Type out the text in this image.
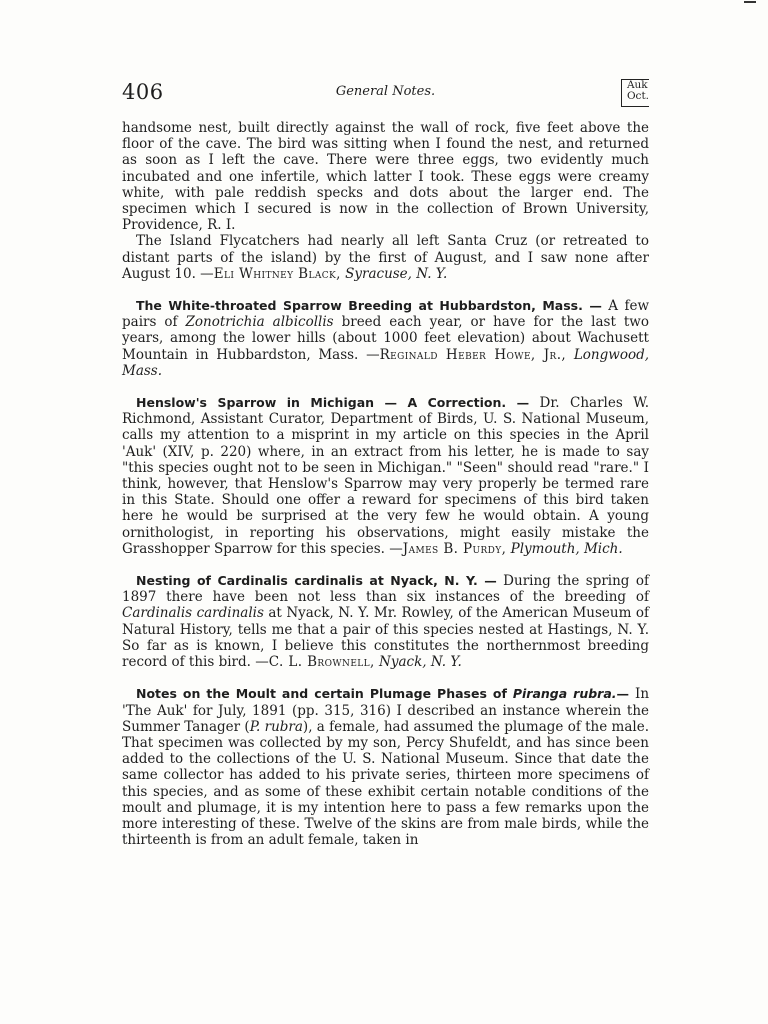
406	General Notes.	Auk
Oct.

handsome nest, built directly against the wall of rock, five feet above the floor of the cave. The bird was sitting when I found the nest, and returned as soon as I left the cave. There were three eggs, two evidently much incubated and one infertile, which latter I took. These eggs were creamy white, with pale reddish specks and dots about the larger end. The specimen which I secured is now in the collection of Brown University, Providence, R. I.

The Island Flycatchers had nearly all left Santa Cruz (or retreated to distant parts of the island) by the first of August, and I saw none after August 10. —Eli Whitney Black, Syracuse, N. Y.

The White-throated Sparrow Breeding at Hubbardston, Mass. — A few pairs of Zonotrichia albicollis breed each year, or have for the last two years, among the lower hills (about 1000 feet elevation) about Wachusett Mountain in Hubbardston, Mass. —Reginald Heber Howe, Jr., Longwood, Mass.

Henslow's Sparrow in Michigan — A Correction. — Dr. Charles W. Richmond, Assistant Curator, Department of Birds, U. S. National Museum, calls my attention to a misprint in my article on this species in the April 'Auk' (XIV, p. 220) where, in an extract from his letter, he is made to say "this species ought not to be seen in Michigan." "Seen" should read "rare." I think, however, that Henslow's Sparrow may very properly be termed rare in this State. Should one offer a reward for specimens of this bird taken here he would be surprised at the very few he would obtain. A young ornithologist, in reporting his observations, might easily mistake the Grasshopper Sparrow for this species. —James B. Purdy, Plymouth, Mich.

Nesting of Cardinalis cardinalis at Nyack, N. Y. — During the spring of 1897 there have been not less than six instances of the breeding of Cardinalis cardinalis at Nyack, N. Y. Mr. Rowley, of the American Museum of Natural History, tells me that a pair of this species nested at Hastings, N. Y. So far as is known, I believe this constitutes the northernmost breeding record of this bird. —C. L. Brownell, Nyack, N. Y.

Notes on the Moult and certain Plumage Phases of Piranga rubra.— In 'The Auk' for July, 1891 (pp. 315, 316) I described an instance wherein the Summer Tanager (P. rubra), a female, had assumed the plumage of the male. That specimen was collected by my son, Percy Shufeldt, and has since been added to the collections of the U. S. National Museum. Since that date the same collector has added to his private series, thirteen more specimens of this species, and as some of these exhibit certain notable conditions of the moult and plumage, it is my intention here to pass a few remarks upon the more interesting of these. Twelve of the skins are from male birds, while the thirteenth is from an adult female, taken in
